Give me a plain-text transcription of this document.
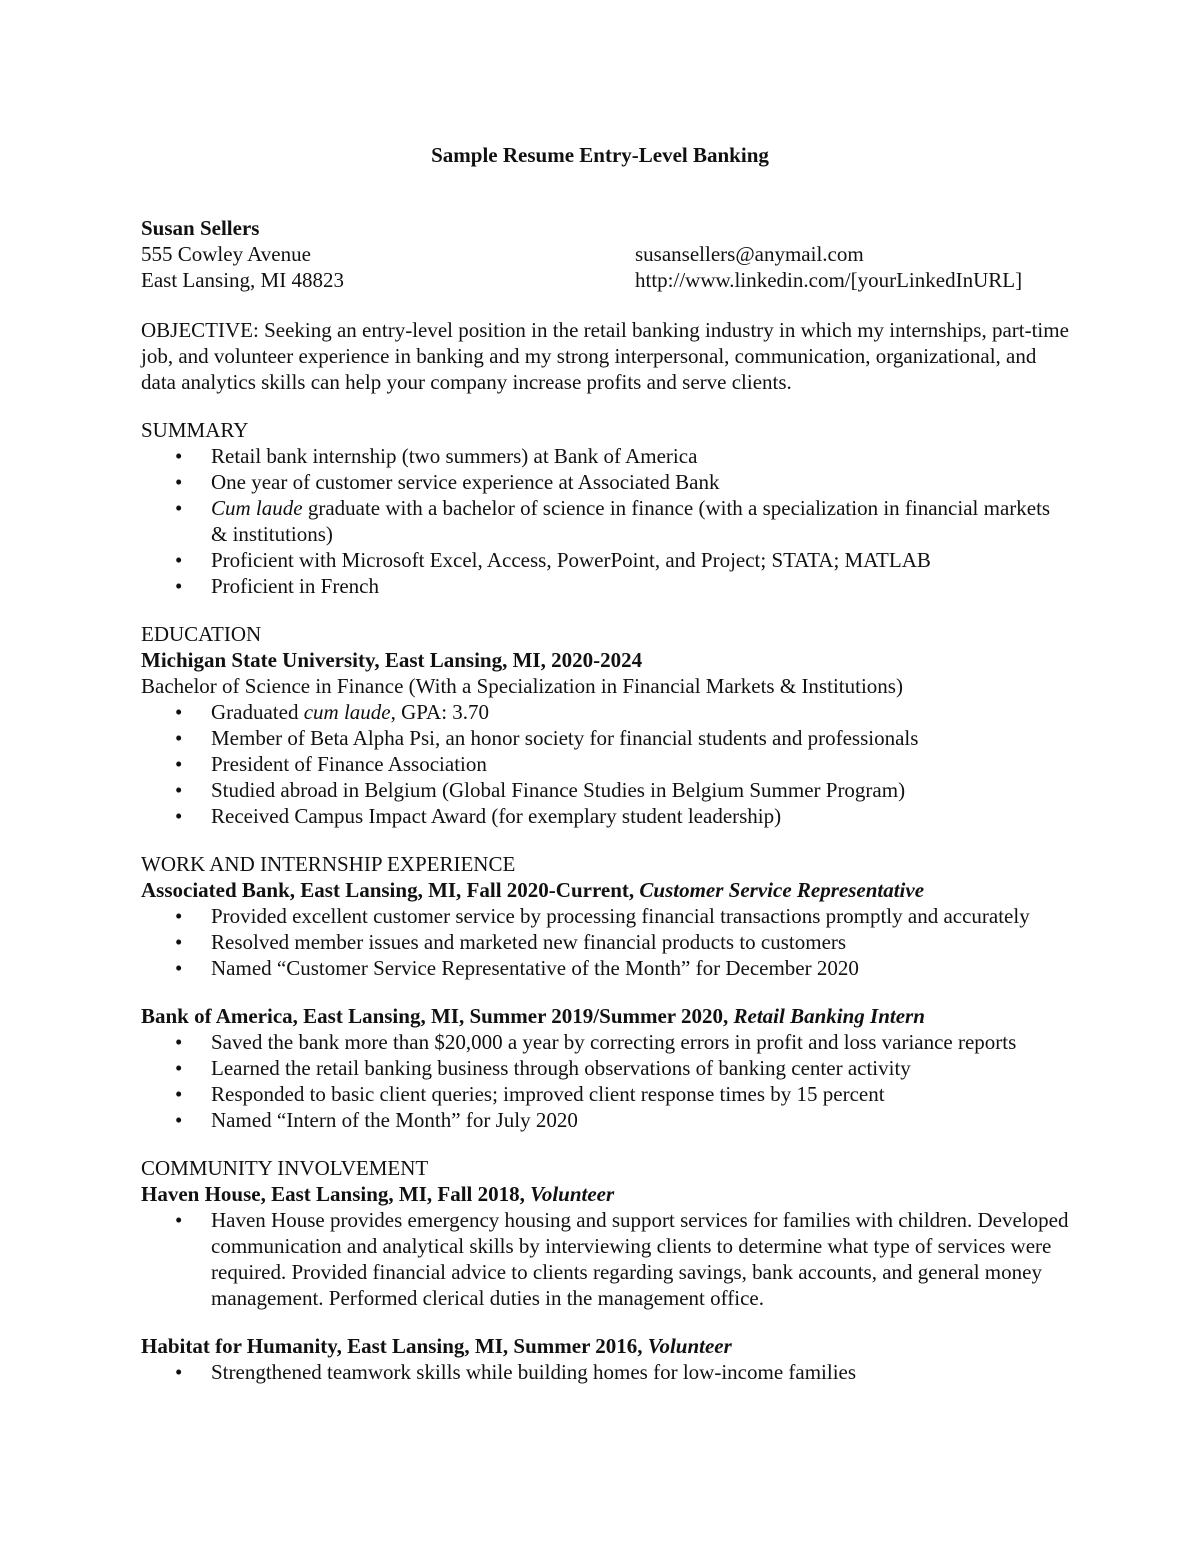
Sample Resume Entry-Level Banking

Susan Sellers

555 Cowley Avenue	susansellers@anymail.com
East Lansing, MI 48823	http://www.linkedin.com/[yourLinkedInURL]

OBJECTIVE: Seeking an entry-level position in the retail banking industry in which my internships, part-time job, and volunteer experience in banking and my strong interpersonal, communication, organizational, and data analytics skills can help your company increase profits and serve clients.

SUMMARY

• Retail bank internship (two summers) at Bank of America
• One year of customer service experience at Associated Bank
• Cum laude graduate with a bachelor of science in finance (with a specialization in financial markets & institutions)
• Proficient with Microsoft Excel, Access, PowerPoint, and Project; STATA; MATLAB
• Proficient in French

EDUCATION

Michigan State University, East Lansing, MI, 2020-2024

Bachelor of Science in Finance (With a Specialization in Financial Markets & Institutions)

• Graduated cum laude, GPA: 3.70
• Member of Beta Alpha Psi, an honor society for financial students and professionals
• President of Finance Association
• Studied abroad in Belgium (Global Finance Studies in Belgium Summer Program)
• Received Campus Impact Award (for exemplary student leadership)

WORK AND INTERNSHIP EXPERIENCE

Associated Bank, East Lansing, MI, Fall 2020-Current, Customer Service Representative

• Provided excellent customer service by processing financial transactions promptly and accurately
• Resolved member issues and marketed new financial products to customers
• Named “Customer Service Representative of the Month” for December 2020

Bank of America, East Lansing, MI, Summer 2019/Summer 2020, Retail Banking Intern

• Saved the bank more than $20,000 a year by correcting errors in profit and loss variance reports
• Learned the retail banking business through observations of banking center activity
• Responded to basic client queries; improved client response times by 15 percent
• Named “Intern of the Month” for July 2020

COMMUNITY INVOLVEMENT

Haven House, East Lansing, MI, Fall 2018, Volunteer

• Haven House provides emergency housing and support services for families with children. Developed communication and analytical skills by interviewing clients to determine what type of services were required. Provided financial advice to clients regarding savings, bank accounts, and general money management. Performed clerical duties in the management office.

Habitat for Humanity, East Lansing, MI, Summer 2016, Volunteer

• Strengthened teamwork skills while building homes for low-income families
